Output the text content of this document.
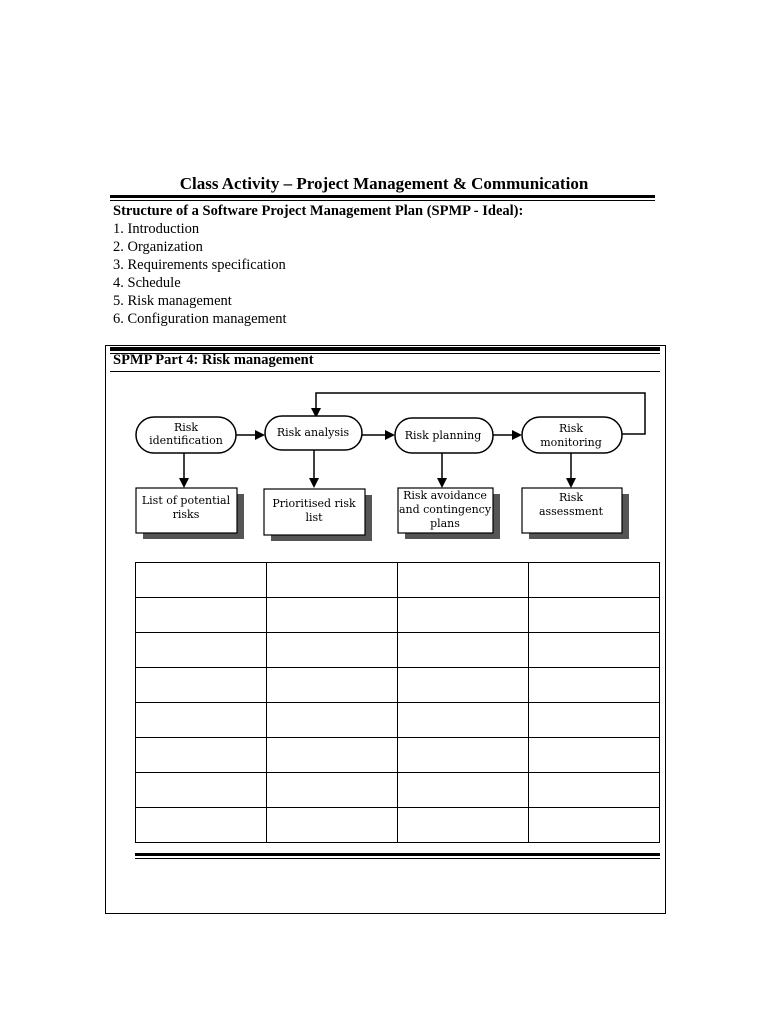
Class Activity – Project Management & Communication
Structure of a Software Project Management Plan (SPMP - Ideal):
1. Introduction
2. Organization
3. Requirements specification
4. Schedule
5. Risk management
6. Configuration management
SPMP Part 4: Risk management
Risk
identification
Risk analysis	Risk planning
Risk
monitoring
List of potential
risks
Prioritised risk
list
Risk avoidance
and contingency
plans
Risk
assessment
